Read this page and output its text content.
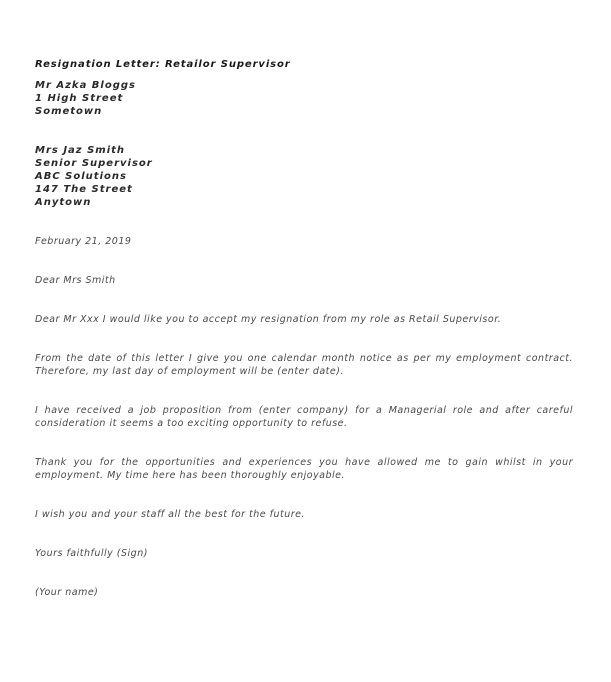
Resignation Letter: Retailor Supervisor

Mr Azka Bloggs
1 High Street
Sometown
Mrs Jaz Smith
Senior Supervisor
ABC Solutions
147 The Street
Anytown

February 21, 2019

Dear Mrs Smith

Dear Mr Xxx I would like you to accept my resignation from my role as Retail Supervisor.

From the date of this letter I give you one calendar month notice as per my employment contract. Therefore, my last day of employment will be (enter date).

I have received a job proposition from (enter company) for a Managerial role and after careful consideration it seems a too exciting opportunity to refuse.

Thank you for the opportunities and experiences you have allowed me to gain whilst in your employment. My time here has been thoroughly enjoyable.

I wish you and your staff all the best for the future.

Yours faithfully (Sign)

(Your name)
